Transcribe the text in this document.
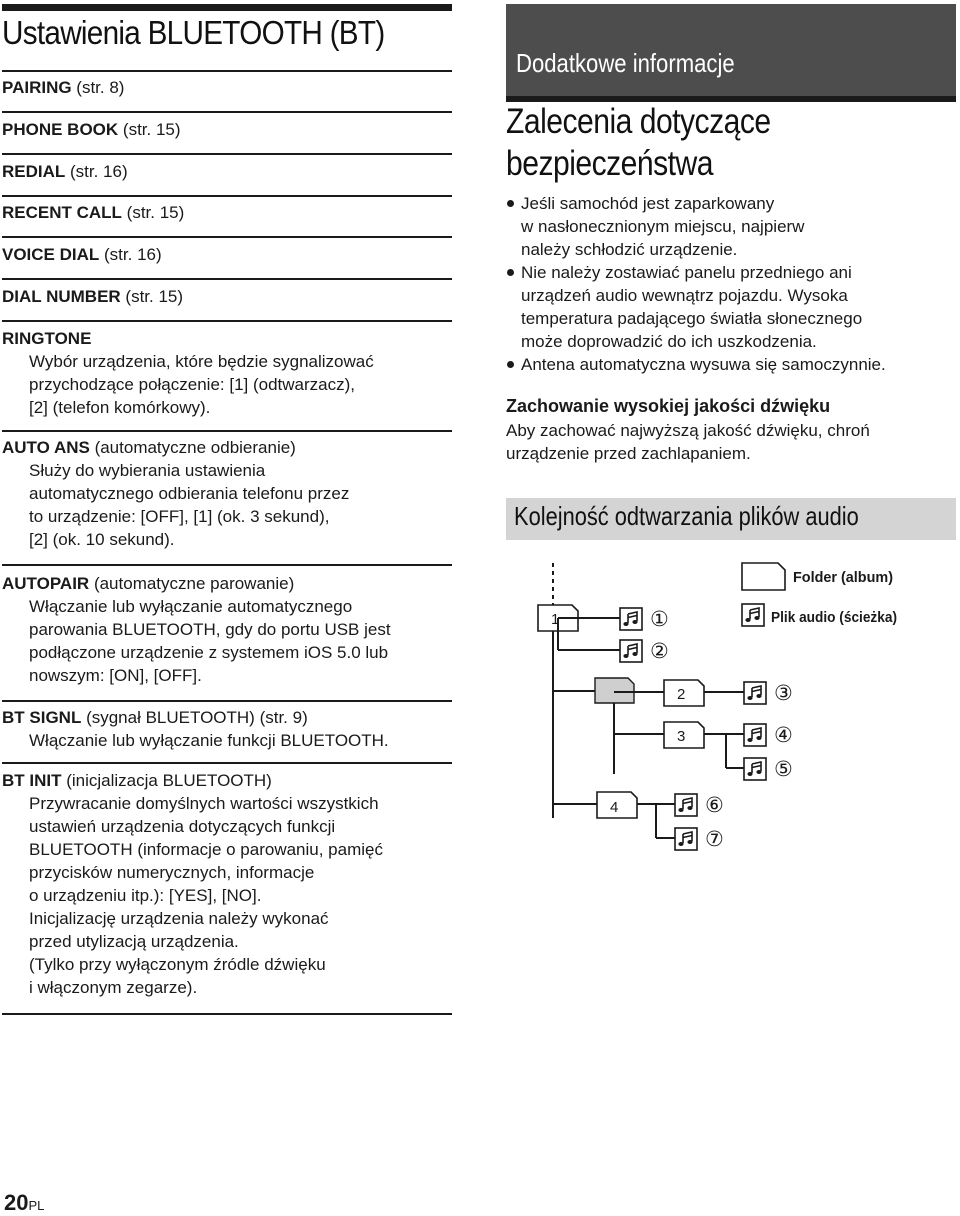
Ustawienia BLUETOOTH (BT)
PAIRING (str. 8)
PHONE BOOK (str. 15)
REDIAL (str. 16)
RECENT CALL (str. 15)
VOICE DIAL (str. 16)
DIAL NUMBER (str. 15)
RINGTONE
Wybór urządzenia, które będzie sygnalizować
przychodzące połączenie: [1] (odtwarzacz),
[2] (telefon komórkowy).
AUTO ANS (automatyczne odbieranie)
Służy do wybierania ustawienia
automatycznego odbierania telefonu przez
to urządzenie: [OFF], [1] (ok. 3 sekund),
[2] (ok. 10 sekund).
AUTOPAIR (automatyczne parowanie)
Włączanie lub wyłączanie automatycznego
parowania BLUETOOTH, gdy do portu USB jest
podłączone urządzenie z systemem iOS 5.0 lub
nowszym: [ON], [OFF].
BT SIGNL (sygnał BLUETOOTH) (str. 9)
Włączanie lub wyłączanie funkcji BLUETOOTH.
BT INIT (inicjalizacja BLUETOOTH)
Przywracanie domyślnych wartości wszystkich
ustawień urządzenia dotyczących funkcji
BLUETOOTH (informacje o parowaniu, pamięć
przycisków numerycznych, informacje
o urządzeniu itp.): [YES], [NO].
Inicjalizację urządzenia należy wykonać
przed utylizacją urządzenia.
(Tylko przy wyłączonym źródle dźwięku
i włączonym zegarze).
Dodatkowe informacje
Zalecenia dotyczące
bezpieczeństwa
Jeśli samochód jest zaparkowany
w nasłonecznionym miejscu, najpierw
należy schłodzić urządzenie.
Nie należy zostawiać panelu przedniego ani
urządzeń audio wewnątrz pojazdu. Wysoka
temperatura padającego światła słonecznego
może doprowadzić do ich uszkodzenia.
Antena automatyczna wysuwa się samoczynnie.
Zachowanie wysokiej jakości dźwięku
Aby zachować najwyższą jakość dźwięku, chroń
urządzenie przed zachlapaniem.
Kolejność odtwarzania plików audio
1	①
②
2	③
3	④
⑤
4	⑥
⑦
Folder (album)
Plik audio (ścieżka)
20PL
